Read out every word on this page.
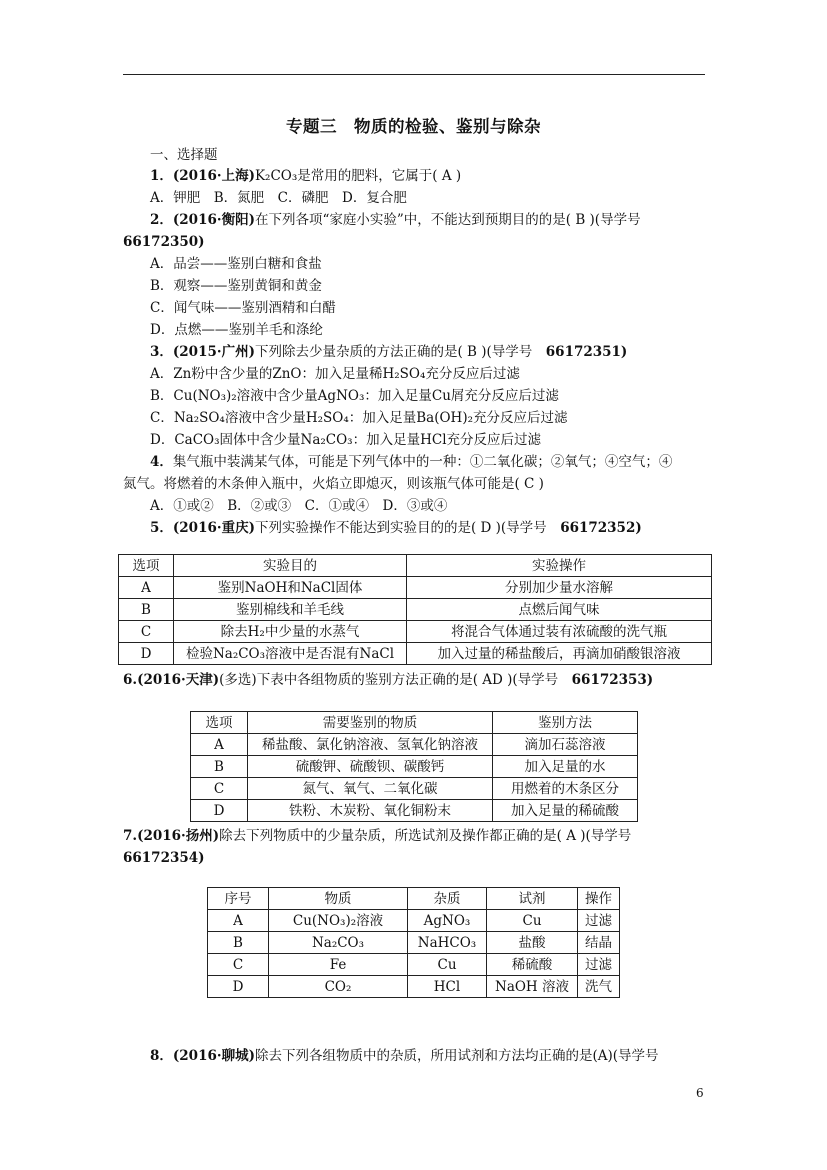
专题三　物质的检验、鉴别与除杂
一、选择题
1．(2016·上海)K₂CO₃是常用的肥料，它属于( A )
A．钾肥　B．氮肥　C．磷肥　D．复合肥
2．(2016·衡阳)在下列各项“家庭小实验”中，不能达到预期目的的是( B )(导学号
66172350)
A．品尝——鉴别白糖和食盐
B．观察——鉴别黄铜和黄金
C．闻气味——鉴别酒精和白醋
D．点燃——鉴别羊毛和涤纶
3．(2015·广州)下列除去少量杂质的方法正确的是( B )(导学号　66172351)
A．Zn粉中含少量的ZnO：加入足量稀H₂SO₄充分反应后过滤
B．Cu(NO₃)₂溶液中含少量AgNO₃：加入足量Cu屑充分反应后过滤
C．Na₂SO₄溶液中含少量H₂SO₄：加入足量Ba(OH)₂充分反应后过滤
D．CaCO₃固体中含少量Na₂CO₃：加入足量HCl充分反应后过滤
4．集气瓶中装满某气体，可能是下列气体中的一种：①二氧化碳；②氧气；④空气；④
氮气。将燃着的木条伸入瓶中，火焰立即熄灭，则该瓶气体可能是( C )
A．①或②　B．②或③　C．①或④　D．③或④
5．(2016·重庆)下列实验操作不能达到实验目的的是( D )(导学号　66172352)
选项	实验目的	实验操作
A	鉴别NaOH和NaCl固体	分别加少量水溶解
B	鉴别棉线和羊毛线	点燃后闻气味
C	除去H₂中少量的水蒸气	将混合气体通过装有浓硫酸的洗气瓶
D	检验Na₂CO₃溶液中是否混有NaCl	加入过量的稀盐酸后，再滴加硝酸银溶液
6.(2016·天津)(多选)下表中各组物质的鉴别方法正确的是( AD )(导学号　66172353)
选项	需要鉴别的物质	鉴别方法
A	稀盐酸、氯化钠溶液、氢氧化钠溶液	滴加石蕊溶液
B	硫酸钾、硫酸钡、碳酸钙	加入足量的水
C	氮气、氧气、二氧化碳	用燃着的木条区分
D	铁粉、木炭粉、氧化铜粉末	加入足量的稀硫酸
7.(2016·扬州)除去下列物质中的少量杂质，所选试剂及操作都正确的是( A )(导学号
66172354)
序号	物质	杂质	试剂	操作
A	Cu(NO₃)₂溶液	AgNO₃	Cu	过滤
B	Na₂CO₃	NaHCO₃	盐酸	结晶
C	Fe	Cu	稀硫酸	过滤
D	CO₂	HCl	NaOH 溶液	洗气
8．(2016·聊城)除去下列各组物质中的杂质，所用试剂和方法均正确的是(A)(导学号
6
